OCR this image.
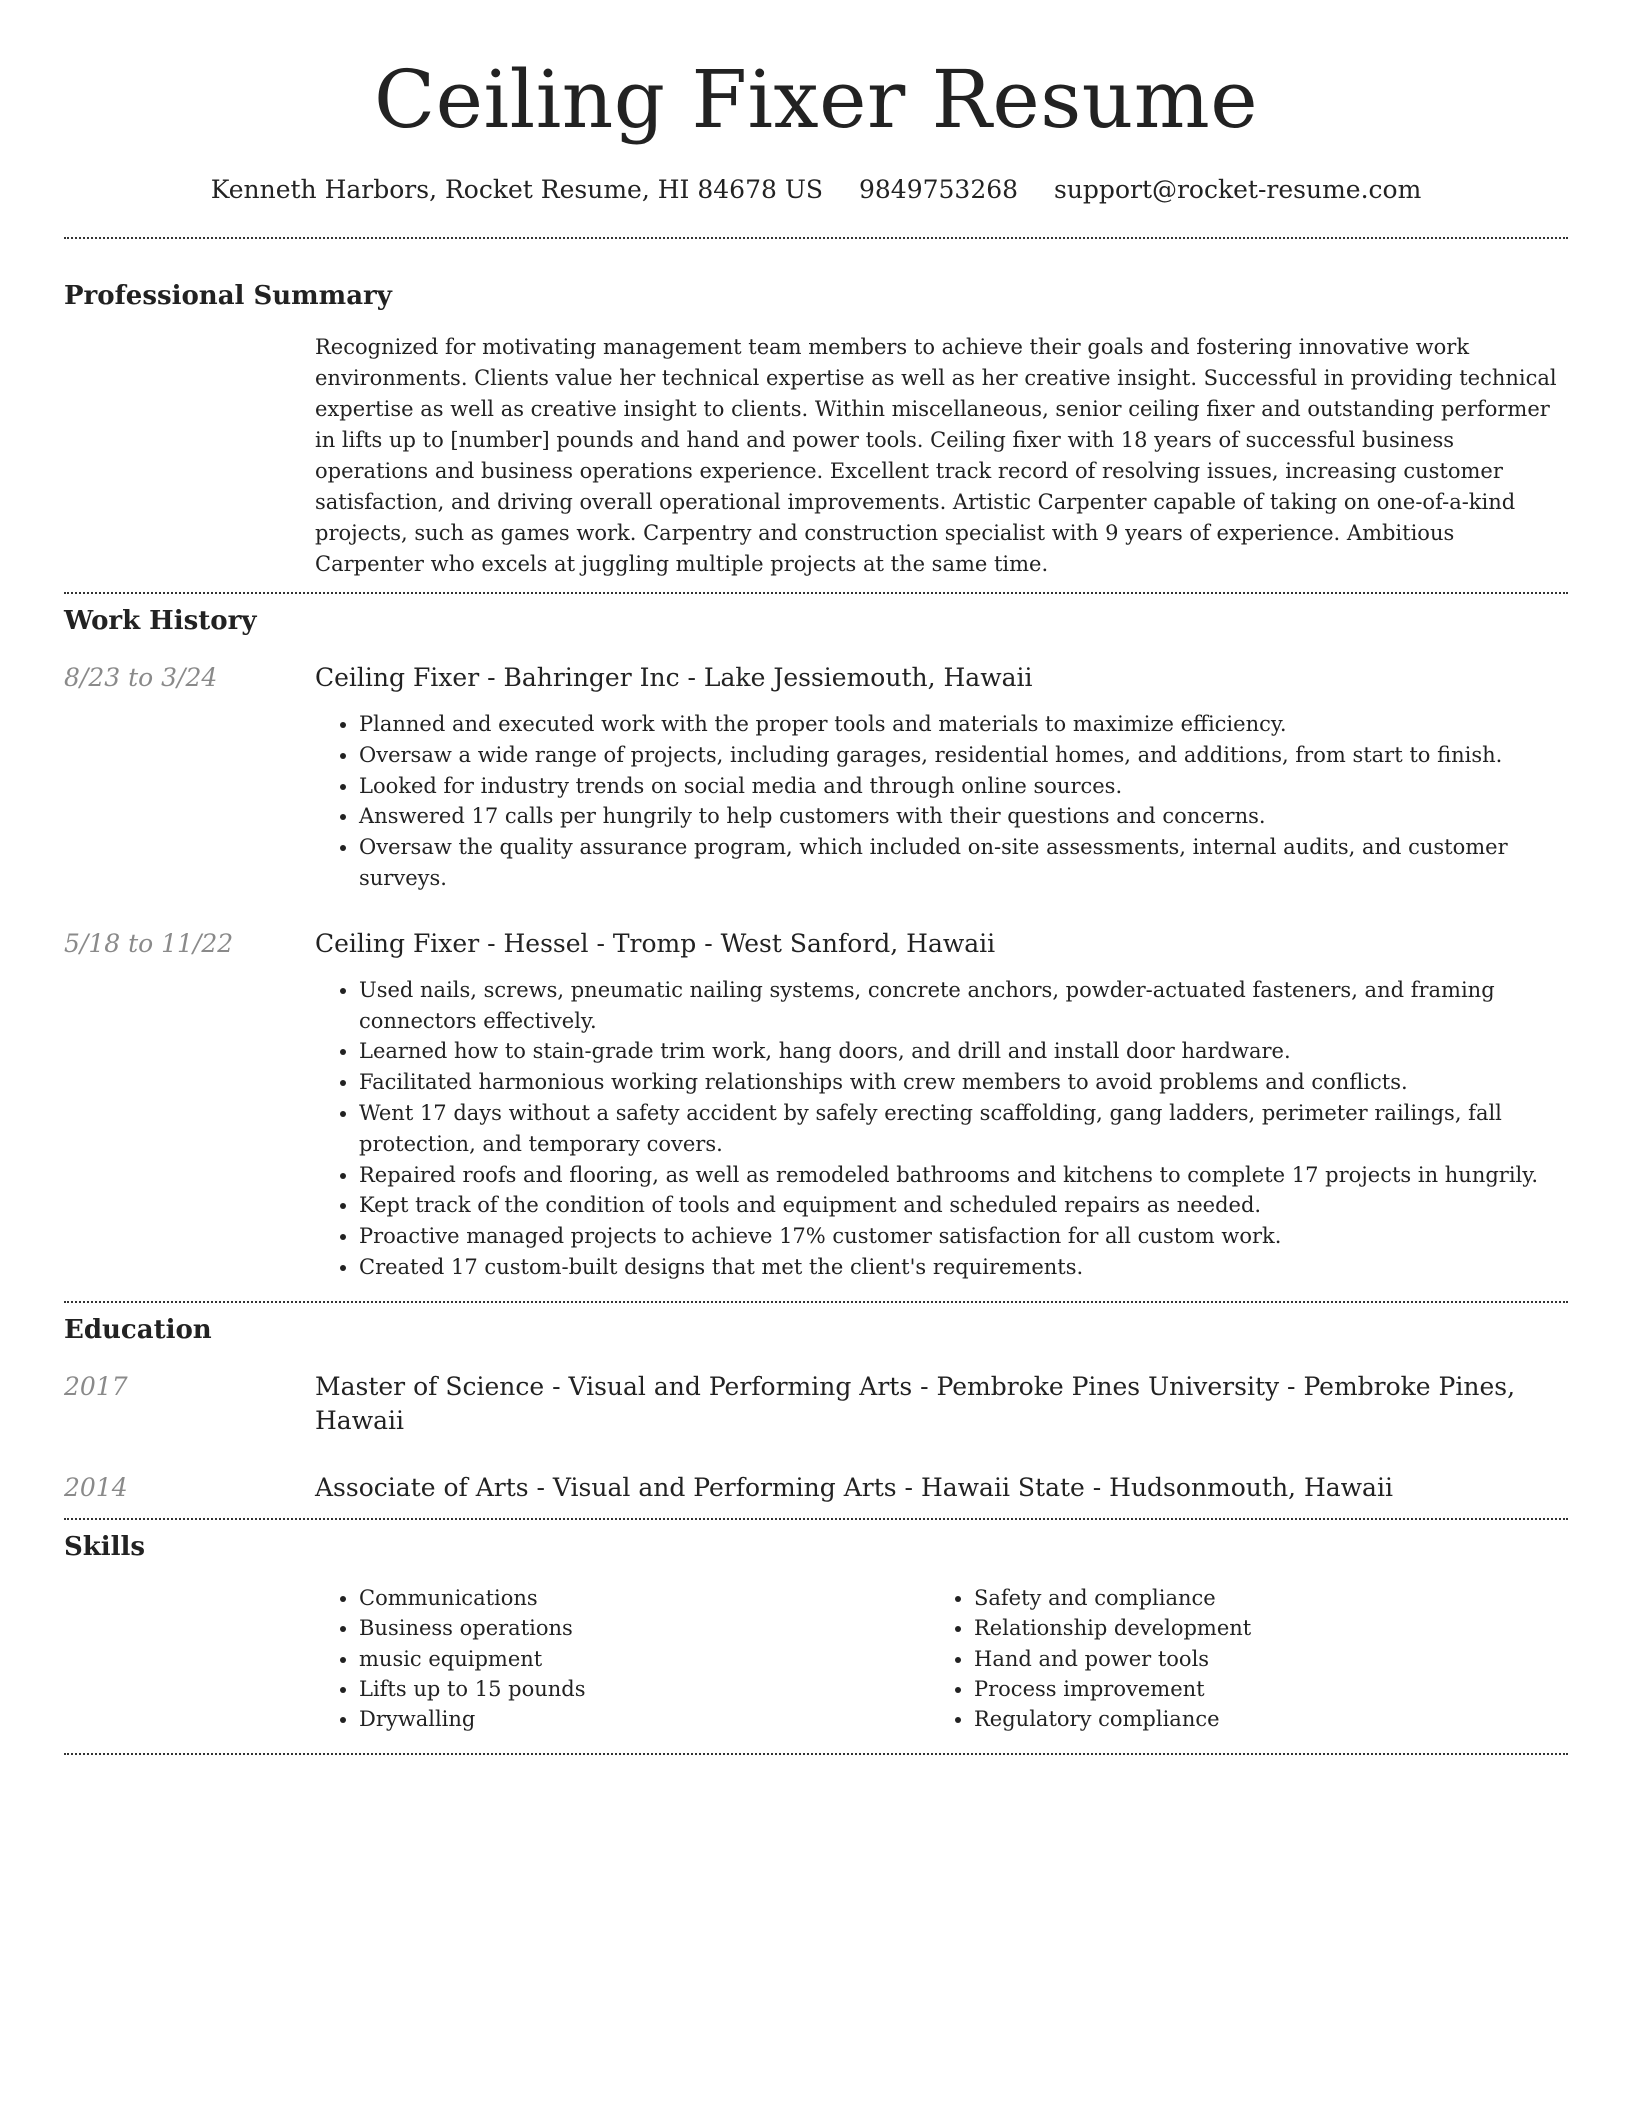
Ceiling Fixer Resume
Kenneth Harbors, Rocket Resume, HI 84678 US 9849753268 support@rocket-resume.com
Professional Summary
Recognized for motivating management team members to achieve their goals and fostering innovative work environments. Clients value her technical expertise as well as her creative insight. Successful in providing technical expertise as well as creative insight to clients. Within miscellaneous, senior ceiling fixer and outstanding performer in lifts up to [number] pounds and hand and power tools. Ceiling fixer with 18 years of successful business operations and business operations experience. Excellent track record of resolving issues, increasing customer satisfaction, and driving overall operational improvements. Artistic Carpenter capable of taking on one-of-a-kind projects, such as games work. Carpentry and construction specialist with 9 years of experience. Ambitious Carpenter who excels at juggling multiple projects at the same time.
Work History
8/23 to 3/24	Ceiling Fixer - Bahringer Inc - Lake Jessiemouth, Hawaii
• Planned and executed work with the proper tools and materials to maximize efficiency.
• Oversaw a wide range of projects, including garages, residential homes, and additions, from start to finish.
• Looked for industry trends on social media and through online sources.
• Answered 17 calls per hungrily to help customers with their questions and concerns.
• Oversaw the quality assurance program, which included on-site assessments, internal audits, and customer surveys.
5/18 to 11/22	Ceiling Fixer - Hessel - Tromp - West Sanford, Hawaii
• Used nails, screws, pneumatic nailing systems, concrete anchors, powder-actuated fasteners, and framing connectors effectively.
• Learned how to stain-grade trim work, hang doors, and drill and install door hardware.
• Facilitated harmonious working relationships with crew members to avoid problems and conflicts.
• Went 17 days without a safety accident by safely erecting scaffolding, gang ladders, perimeter railings, fall protection, and temporary covers.
• Repaired roofs and flooring, as well as remodeled bathrooms and kitchens to complete 17 projects in hungrily.
• Kept track of the condition of tools and equipment and scheduled repairs as needed.
• Proactive managed projects to achieve 17% customer satisfaction for all custom work.
• Created 17 custom-built designs that met the client's requirements.
Education
2017	Master of Science - Visual and Performing Arts - Pembroke Pines University - Pembroke Pines, Hawaii
2014	Associate of Arts - Visual and Performing Arts - Hawaii State - Hudsonmouth, Hawaii
Skills
• Communications
• Business operations
• music equipment
• Lifts up to 15 pounds
• Drywalling
• Safety and compliance
• Relationship development
• Hand and power tools
• Process improvement
• Regulatory compliance
